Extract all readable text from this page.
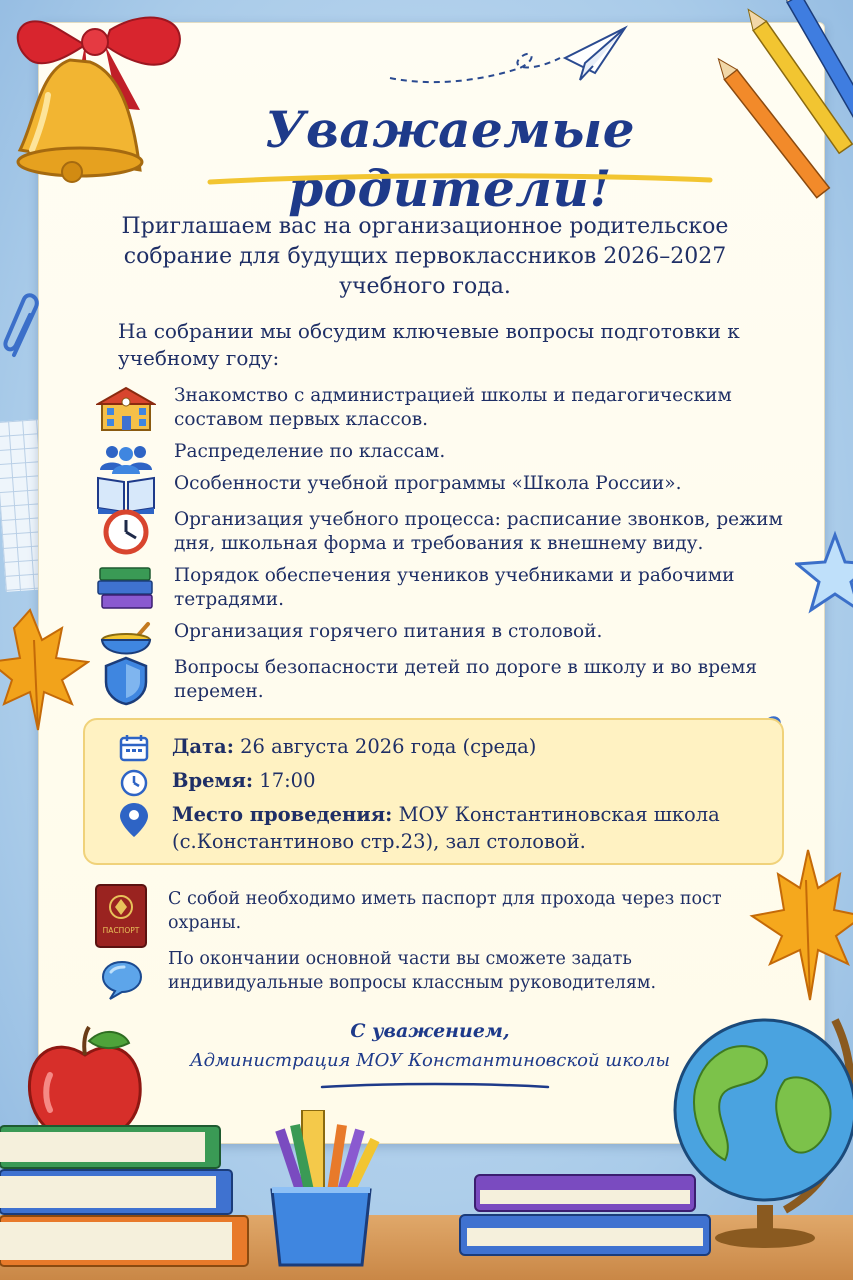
Уважаемые родители!
Приглашаем вас на организационное родительское собрание для будущих первоклассников 2026–2027 учебного года.
На собрании мы обсудим ключевые вопросы подготовки к учебному году:
Знакомство с администрацией школы и педагогическим составом первых классов.
Распределение по классам.
Особенности учебной программы «Школа России».
Организация учебного процесса: расписание звонков, режим дня, школьная форма и требования к внешнему виду.
Порядок обеспечения учеников учебниками и рабочими тетрадями.
Организация горячего питания в столовой.
Вопросы безопасности детей по дороге в школу и во время перемен.
Дата: 26 августа 2026 года (среда)
Время: 17:00
Место проведения: МОУ Константиновская школа
(с.Константиново стр.23), зал столовой.
ПАСПОРТ
С собой необходимо иметь паспорт для прохода через пост охраны.
По окончании основной части вы сможете задать индивидуальные вопросы классным руководителям.
С уважением,
Администрация МОУ Константиновской школы
